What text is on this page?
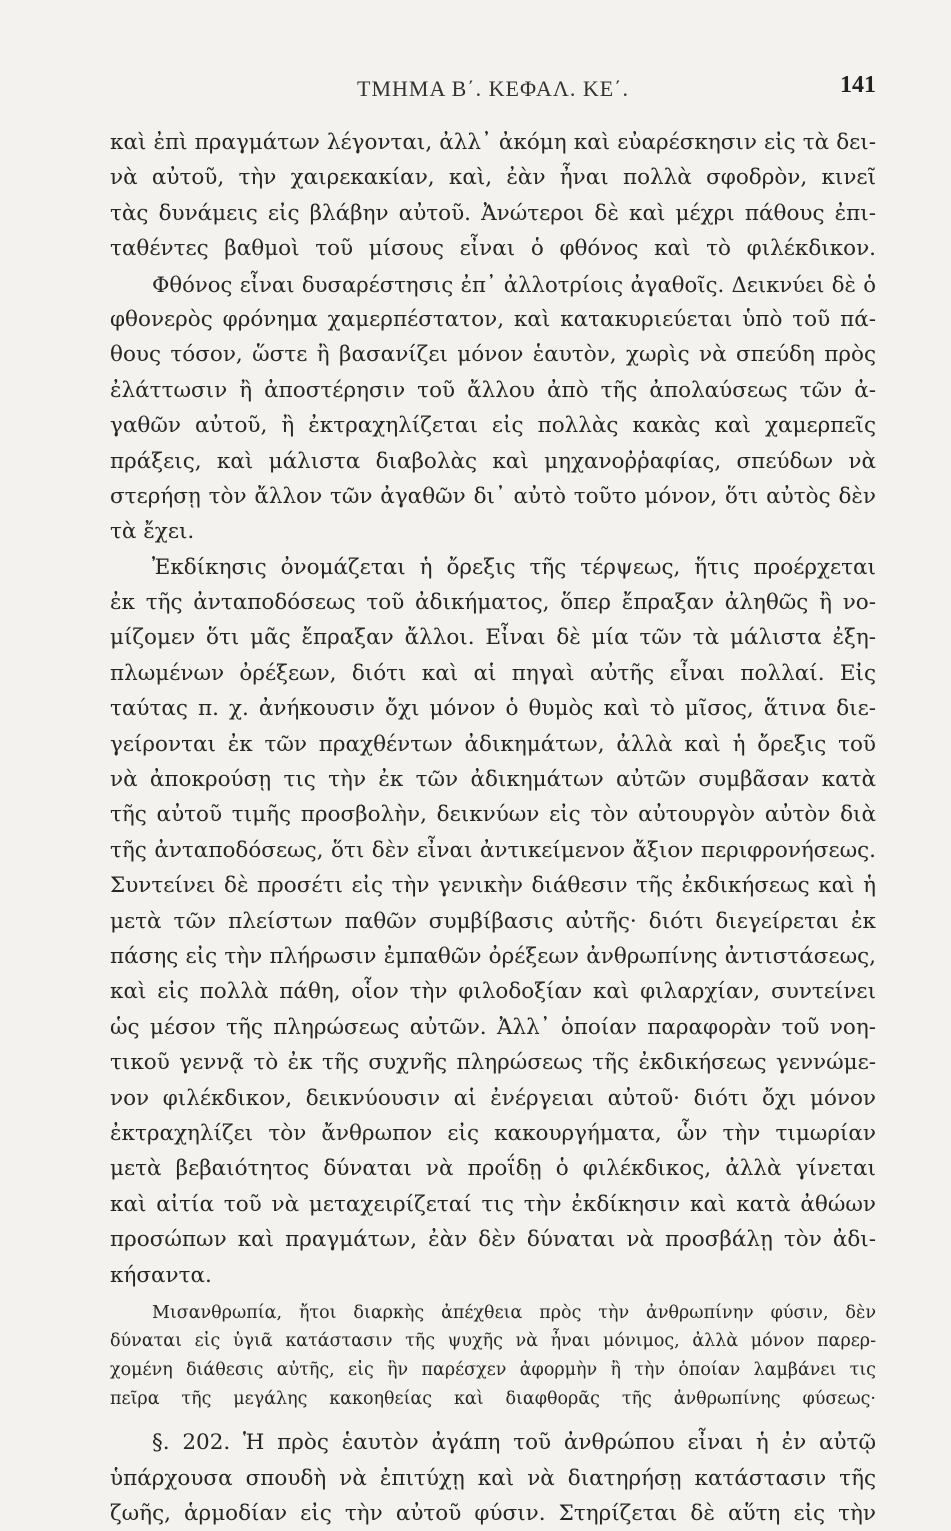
ΤΜΗΜΑ Β΄. ΚΕΦΑΛ. ΚΕ΄.	141
καὶ ἐπὶ πραγμάτων λέγονται, ἀλλ᾽ ἀκόμη καὶ εὐαρέσκησιν εἰς τὰ δει-
νὰ αὐτοῦ, τὴν χαιρεκακίαν, καὶ, ἐὰν ἦναι πολλὰ σφοδρὸν, κινεῖ
τὰς δυνάμεις εἰς βλάβην αὐτοῦ. Ἀνώτεροι δὲ καὶ μέχρι πάθους ἐπι-
ταθέντες βαθμοὶ τοῦ μίσους εἶναι ὁ φθόνος καὶ τὸ φιλέκδικον.
Φθόνος εἶναι δυσαρέστησις ἐπ᾽ ἀλλοτρίοις ἀγαθοῖς. Δεικνύει δὲ ὁ
φθονερὸς φρόνημα χαμερπέστατον, καὶ κατακυριεύεται ὑπὸ τοῦ πά-
θους τόσον, ὥστε ἢ βασανίζει μόνον ἑαυτὸν, χωρὶς νὰ σπεύδη πρὸς
ἐλάττωσιν ἢ ἀποστέρησιν τοῦ ἄλλου ἀπὸ τῆς ἀπολαύσεως τῶν ἀ-
γαθῶν αὐτοῦ, ἢ ἐκτραχηλίζεται εἰς πολλὰς κακὰς καὶ χαμερπεῖς
πράξεις, καὶ μάλιστα διαβολὰς καὶ μηχανοῤῥαφίας, σπεύδων νὰ
στερήσῃ τὸν ἄλλον τῶν ἀγαθῶν δι᾽ αὐτὸ τοῦτο μόνον, ὅτι αὐτὸς δὲν
τὰ ἔχει.
Ἐκδίκησις ὀνομάζεται ἡ ὄρεξις τῆς τέρψεως, ἥτις προέρχεται
ἐκ τῆς ἀνταποδόσεως τοῦ ἀδικήματος, ὅπερ ἔπραξαν ἀληθῶς ἢ νο-
μίζομεν ὅτι μᾶς ἔπραξαν ἄλλοι. Εἶναι δὲ μία τῶν τὰ μάλιστα ἐξη-
πλωμένων ὀρέξεων, διότι καὶ αἱ πηγαὶ αὐτῆς εἶναι πολλαί. Εἰς
ταύτας π. χ. ἀνήκουσιν ὄχι μόνον ὁ θυμὸς καὶ τὸ μῖσος, ἅτινα διε-
γείρονται ἐκ τῶν πραχθέντων ἀδικημάτων, ἀλλὰ καὶ ἡ ὄρεξις τοῦ
νὰ ἀποκρούσῃ τις τὴν ἐκ τῶν ἀδικημάτων αὐτῶν συμβᾶσαν κατὰ
τῆς αὐτοῦ τιμῆς προσβολὴν, δεικνύων εἰς τὸν αὐτουργὸν αὐτὸν διὰ
τῆς ἀνταποδόσεως, ὅτι δὲν εἶναι ἀντικείμενον ἄξιον περιφρονήσεως.
Συντείνει δὲ προσέτι εἰς τὴν γενικὴν διάθεσιν τῆς ἐκδικήσεως καὶ ἡ
μετὰ τῶν πλείστων παθῶν συμβίβασις αὐτῆς· διότι διεγείρεται ἐκ
πάσης εἰς τὴν πλήρωσιν ἐμπαθῶν ὀρέξεων ἀνθρωπίνης ἀντιστάσεως,
καὶ εἰς πολλὰ πάθη, οἷον τὴν φιλοδοξίαν καὶ φιλαρχίαν, συντείνει
ὡς μέσον τῆς πληρώσεως αὐτῶν. Ἀλλ᾽ ὁποίαν παραφορὰν τοῦ νοη-
τικοῦ γεννᾷ τὸ ἐκ τῆς συχνῆς πληρώσεως τῆς ἐκδικήσεως γεννώμε-
νον φιλέκδικον, δεικνύουσιν αἱ ἐνέργειαι αὐτοῦ· διότι ὄχι μόνον
ἐκτραχηλίζει τὸν ἄνθρωπον εἰς κακουργήματα, ὧν τὴν τιμωρίαν
μετὰ βεβαιότητος δύναται νὰ προΐδῃ ὁ φιλέκδικος, ἀλλὰ γίνεται
καὶ αἰτία τοῦ νὰ μεταχειρίζεταί τις τὴν ἐκδίκησιν καὶ κατὰ ἀθώων
προσώπων καὶ πραγμάτων, ἐὰν δὲν δύναται νὰ προσβάλῃ τὸν ἀδι-
κήσαντα.
Μισανθρωπία, ἤτοι διαρκὴς ἀπέχθεια πρὸς τὴν ἀνθρωπίνην φύσιν, δὲν
δύναται εἰς ὑγιᾶ κατάστασιν τῆς ψυχῆς νὰ ἦναι μόνιμος, ἀλλὰ μόνον παρερ-
χομένη διάθεσις αὐτῆς, εἰς ἣν παρέσχεν ἀφορμὴν ἢ τὴν ὁποίαν λαμβάνει τις
πεῖρα τῆς μεγάλης κακοηθείας καὶ διαφθορᾶς τῆς ἀνθρωπίνης φύσεως·
§. 202. Ἡ πρὸς ἑαυτὸν ἀγάπη τοῦ ἀνθρώπου εἶναι ἡ ἐν αὐτῷ
ὑπάρχουσα σπουδὴ νὰ ἐπιτύχῃ καὶ νὰ διατηρήσῃ κατάστασιν τῆς
ζωῆς, ἁρμοδίαν εἰς τὴν αὐτοῦ φύσιν. Στηρίζεται δὲ αὕτη εἰς τὴν
